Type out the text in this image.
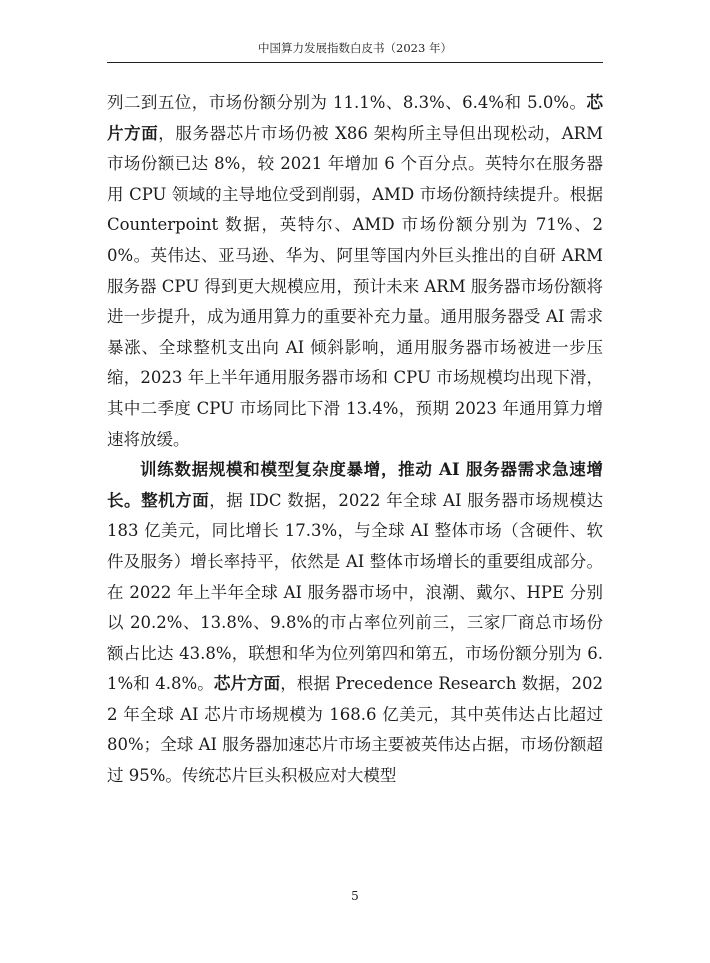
中国算力发展指数白皮书（2023 年）

列二到五位，市场份额分别为 11.1%、8.3%、6.4%和 5.0%。芯片方面，服务器芯片市场仍被 X86 架构所主导但出现松动，ARM 市场份额已达 8%，较 2021 年增加 6 个百分点。英特尔在服务器用 CPU 领域的主导地位受到削弱，AMD 市场份额持续提升。根据 Counterpoint 数据，英特尔、AMD 市场份额分别为 71%、20%。英伟达、亚马逊、华为、阿里等国内外巨头推出的自研 ARM 服务器 CPU 得到更大规模应用，预计未来 ARM 服务器市场份额将进一步提升，成为通用算力的重要补充力量。通用服务器受 AI 需求暴涨、全球整机支出向 AI 倾斜影响，通用服务器市场被进一步压缩，2023 年上半年通用服务器市场和 CPU 市场规模均出现下滑，其中二季度 CPU 市场同比下滑 13.4%，预期 2023 年通用算力增速将放缓。

训练数据规模和模型复杂度暴增，推动 AI 服务器需求急速增长。整机方面，据 IDC 数据，2022 年全球 AI 服务器市场规模达 183 亿美元，同比增长 17.3%，与全球 AI 整体市场（含硬件、软件及服务）增长率持平，依然是 AI 整体市场增长的重要组成部分。在 2022 年上半年全球 AI 服务器市场中，浪潮、戴尔、HPE 分别以 20.2%、13.8%、9.8%的市占率位列前三，三家厂商总市场份额占比达 43.8%，联想和华为位列第四和第五，市场份额分别为 6.1%和 4.8%。芯片方面，根据 Precedence Research 数据，2022 年全球 AI 芯片市场规模为 168.6 亿美元，其中英伟达占比超过 80%；全球 AI 服务器加速芯片市场主要被英伟达占据，市场份额超过 95%。传统芯片巨头积极应对大模型

5
